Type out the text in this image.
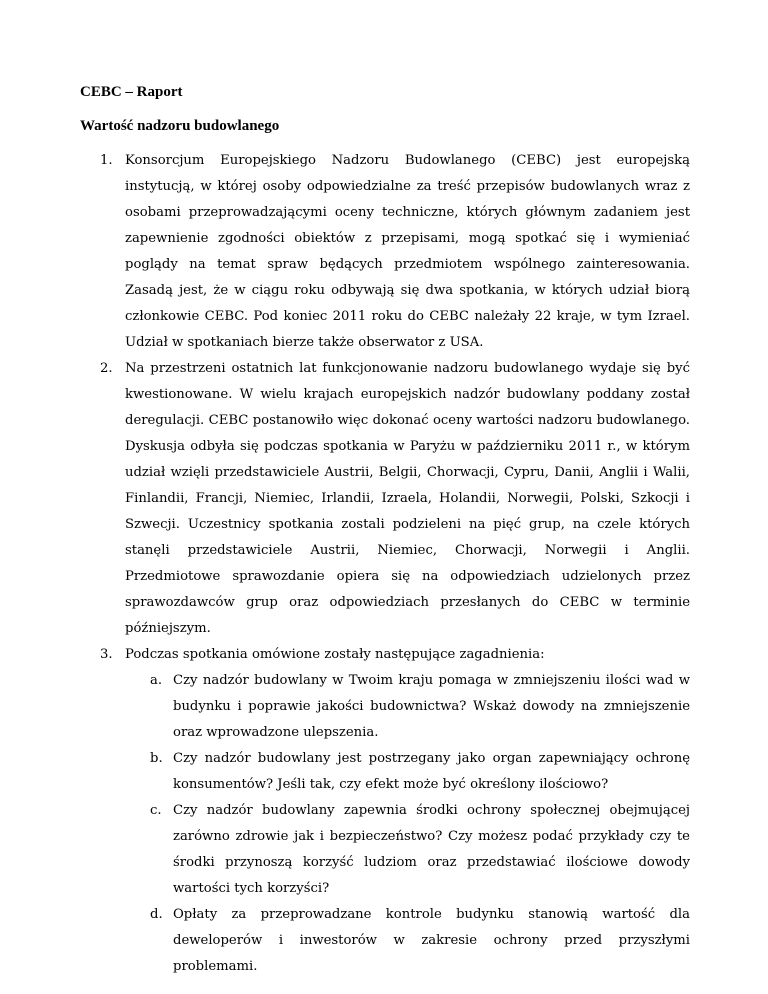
CEBC – Raport
Wartość nadzoru budowlanego
1. Konsorcjum Europejskiego Nadzoru Budowlanego (CEBC) jest europejską instytucją, w której osoby odpowiedzialne za treść przepisów budowlanych wraz z osobami przeprowadzającymi oceny techniczne, których głównym zadaniem jest zapewnienie zgodności obiektów z przepisami, mogą spotkać się i wymieniać poglądy na temat spraw będących przedmiotem wspólnego zainteresowania. Zasadą jest, że w ciągu roku odbywają się dwa spotkania, w których udział biorą członkowie CEBC. Pod koniec 2011 roku do CEBC należały 22 kraje, w tym Izrael. Udział w spotkaniach bierze także obserwator z USA.
2. Na przestrzeni ostatnich lat funkcjonowanie nadzoru budowlanego wydaje się być kwestionowane. W wielu krajach europejskich nadzór budowlany poddany został deregulacji. CEBC postanowiło więc dokonać oceny wartości nadzoru budowlanego. Dyskusja odbyła się podczas spotkania w Paryżu w październiku 2011 r., w którym udział wzięli przedstawiciele Austrii, Belgii, Chorwacji, Cypru, Danii, Anglii i Walii, Finlandii, Francji, Niemiec, Irlandii, Izraela, Holandii, Norwegii, Polski, Szkocji i Szwecji. Uczestnicy spotkania zostali podzieleni na pięć grup, na czele których stanęli przedstawiciele Austrii, Niemiec, Chorwacji, Norwegii i Anglii. Przedmiotowe sprawozdanie opiera się na odpowiedziach udzielonych przez sprawozdawców grup oraz odpowiedziach przesłanych do CEBC w terminie późniejszym.
3. Podczas spotkania omówione zostały następujące zagadnienia:
a. Czy nadzór budowlany w Twoim kraju pomaga w zmniejszeniu ilości wad w budynku i poprawie jakości budownictwa? Wskaż dowody na zmniejszenie oraz wprowadzone ulepszenia.
b. Czy nadzór budowlany jest postrzegany jako organ zapewniający ochronę konsumentów? Jeśli tak, czy efekt może być określony ilościowo?
c. Czy nadzór budowlany zapewnia środki ochrony społecznej obejmującej zarówno zdrowie jak i bezpieczeństwo? Czy możesz podać przykłady czy te środki przynoszą korzyść ludziom oraz przedstawiać ilościowe dowody wartości tych korzyści?
d. Opłaty za przeprowadzane kontrole budynku stanowią wartość dla deweloperów i inwestorów w zakresie ochrony przed przyszłymi problemami.
